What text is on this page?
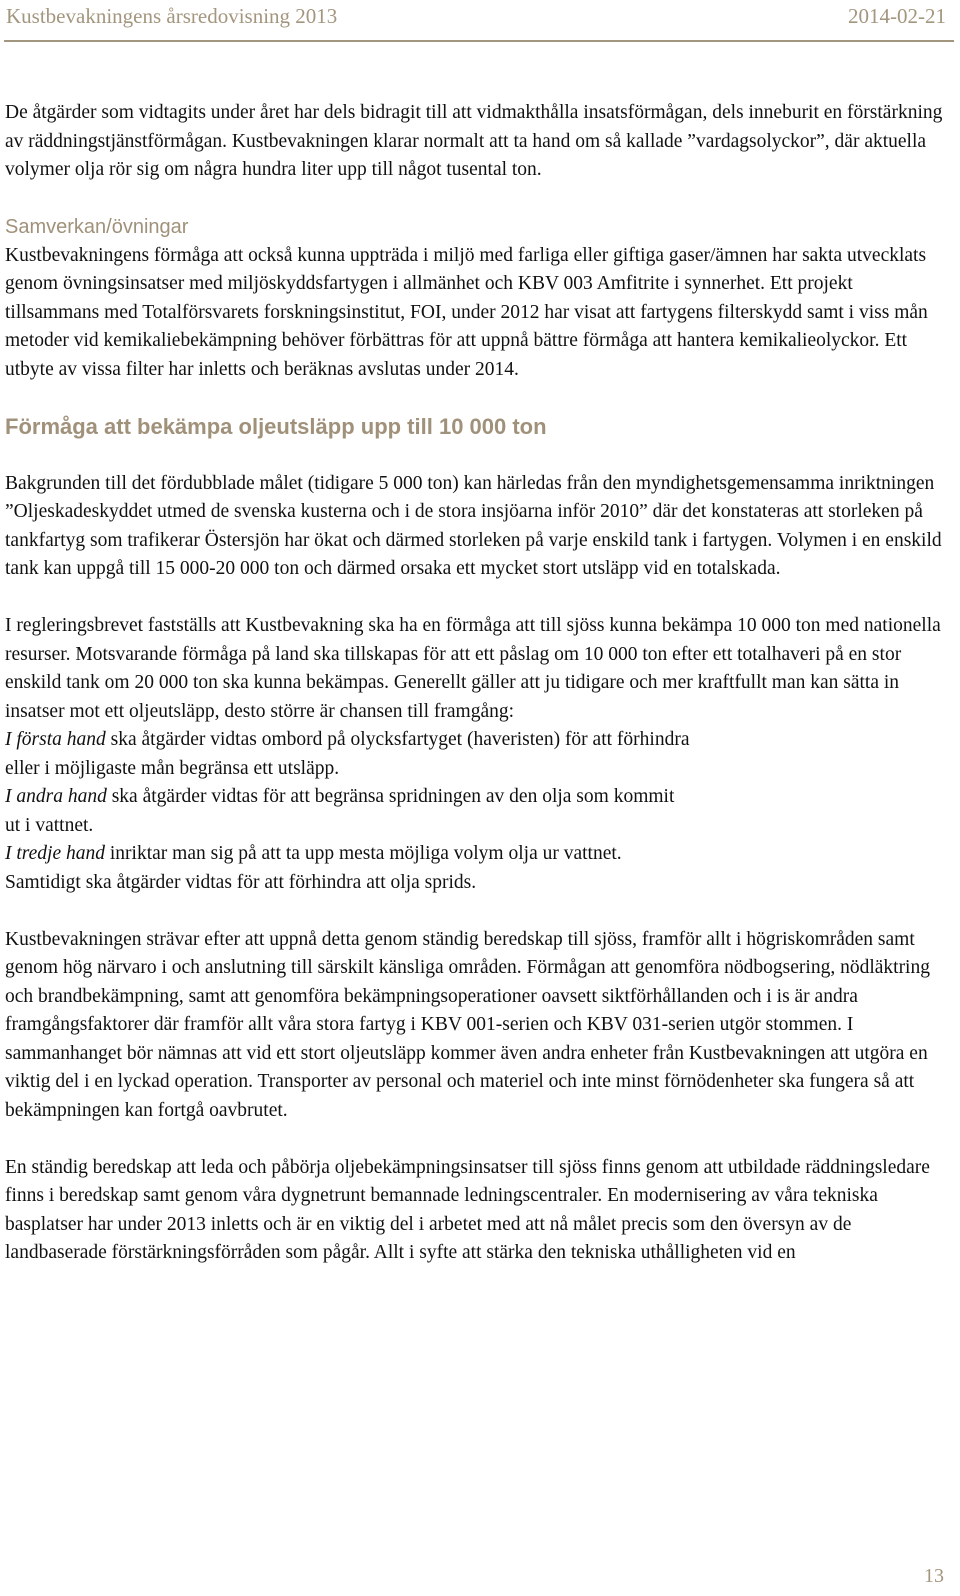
Kustbevakningens årsredovisning 2013	2014-02-21

De åtgärder som vidtagits under året har dels bidragit till att vidmakthålla insatsförmågan, dels inneburit en förstärkning av räddningstjänstförmågan. Kustbevakningen klarar normalt att ta hand om så kallade ”vardagsolyckor”, där aktuella volymer olja rör sig om några hundra liter upp till något tusental ton.

Samverkan/övningar

Kustbevakningens förmåga att också kunna uppträda i miljö med farliga eller giftiga gaser/ämnen har sakta utvecklats genom övningsinsatser med miljöskyddsfartygen i allmänhet och KBV 003 Amfitrite i synnerhet. Ett projekt tillsammans med Totalförsvarets forskningsinstitut, FOI, under 2012 har visat att fartygens filterskydd samt i viss mån metoder vid kemikaliebekämpning behöver förbättras för att uppnå bättre förmåga att hantera kemikalieolyckor. Ett utbyte av vissa filter har inletts och beräknas avslutas under 2014.

Förmåga att bekämpa oljeutsläpp upp till 10 000 ton

Bakgrunden till det fördubblade målet (tidigare 5 000 ton) kan härledas från den myndighetsgemensamma inriktningen ”Oljeskadeskyddet utmed de svenska kusterna och i de stora insjöarna inför 2010” där det konstateras att storleken på tankfartyg som trafikerar Östersjön har ökat och därmed storleken på varje enskild tank i fartygen. Volymen i en enskild tank kan uppgå till 15 000-20 000 ton och därmed orsaka ett mycket stort utsläpp vid en totalskada.

I regleringsbrevet fastställs att Kustbevakning ska ha en förmåga att till sjöss kunna bekämpa 10 000 ton med nationella resurser. Motsvarande förmåga på land ska tillskapas för att ett påslag om 10 000 ton efter ett totalhaveri på en stor enskild tank om 20 000 ton ska kunna bekämpas. Generellt gäller att ju tidigare och mer kraftfullt man kan sätta in insatser mot ett oljeutsläpp, desto större är chansen till framgång:
I första hand ska åtgärder vidtas ombord på olycksfartyget (haveristen) för att förhindra
eller i möjligaste mån begränsa ett utsläpp.
I andra hand ska åtgärder vidtas för att begränsa spridningen av den olja som kommit
ut i vattnet.
I tredje hand inriktar man sig på att ta upp mesta möjliga volym olja ur vattnet.
Samtidigt ska åtgärder vidtas för att förhindra att olja sprids.

Kustbevakningen strävar efter att uppnå detta genom ständig beredskap till sjöss, framför allt i högriskområden samt genom hög närvaro i och anslutning till särskilt känsliga områden. Förmågan att genomföra nödbogsering, nödläktring och brandbekämpning, samt att genomföra bekämpningsoperationer oavsett siktförhållanden och i is är andra framgångsfaktorer där framför allt våra stora fartyg i KBV 001-serien och KBV 031-serien utgör stommen. I sammanhanget bör nämnas att vid ett stort oljeutsläpp kommer även andra enheter från Kustbevakningen att utgöra en viktig del i en lyckad operation. Transporter av personal och materiel och inte minst förnödenheter ska fungera så att bekämpningen kan fortgå oavbrutet.

En ständig beredskap att leda och påbörja oljebekämpningsinsatser till sjöss finns genom att utbildade räddningsledare finns i beredskap samt genom våra dygnetrunt bemannade ledningscentraler. En modernisering av våra tekniska basplatser har under 2013 inletts och är en viktig del i arbetet med att nå målet precis som den översyn av de landbaserade förstärkningsförråden som pågår. Allt i syfte att stärka den tekniska uthålligheten vid en

13
